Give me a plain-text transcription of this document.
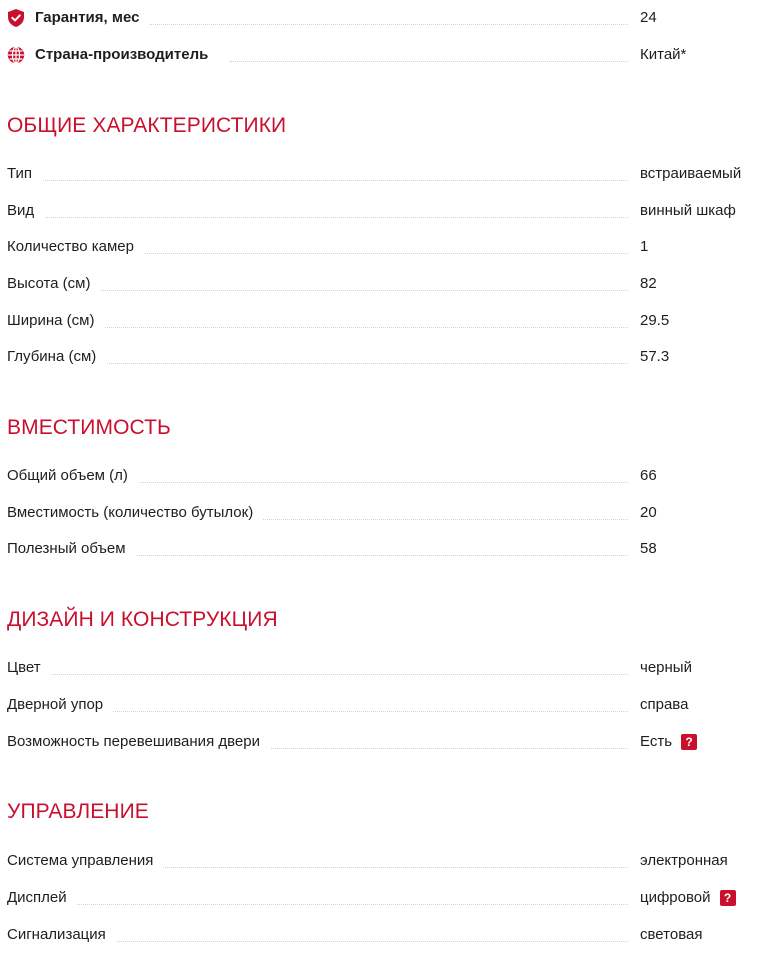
Гарантия, мес	24
Страна-производитель	Китай*
ОБЩИЕ ХАРАКТЕРИСТИКИ
Тип	встраиваемый
Вид	винный шкаф
Количество камер	1
Высота (см)	82
Ширина (см)	29.5
Глубина (см)	57.3
ВМЕСТИМОСТЬ
Общий объем (л)	66
Вместимость (количество бутылок)	20
Полезный объем	58
ДИЗАЙН И КОНСТРУКЦИЯ
Цвет	черный
Дверной упор	справа
Возможность перевешивания двери	Есть	?
УПРАВЛЕНИЕ
Система управления	электронная
Дисплей	цифровой	?
Сигнализация	световая
